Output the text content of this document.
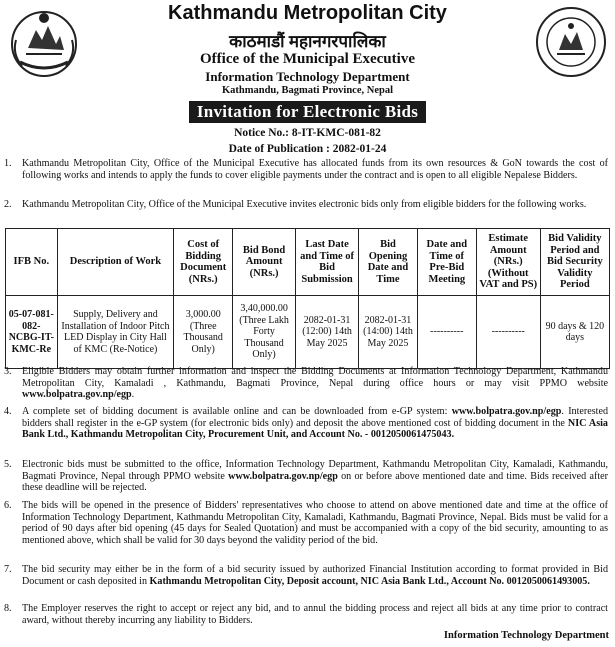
Kathmandu Metropolitan City
काठमाडौं महानगरपालिका
Office of the Municipal Executive
Information Technology Department
Kathmandu, Bagmati Province, Nepal
Invitation for Electronic Bids
Notice No.: 8-IT-KMC-081-82
Date of Publication : 2082-01-24
1. Kathmandu Metropolitan City, Office of the Municipal Executive has allocated funds from its own resources & GoN towards the cost of following works and intends to apply the funds to cover eligible payments under the contract and is open to all eligible Nepalese Bidders.
2. Kathmandu Metropolitan City, Office of the Municipal Executive invites electronic bids only from eligible bidders for the following works.
IFB No.	Description of Work	Cost of Bidding Document (NRs.)	Bid Bond Amount (NRs.)	Last Date and Time of Bid Submission	Bid Opening Date and Time	Date and Time of Pre-Bid Meeting	Estimate Amount (NRs.) (Without VAT and PS)	Bid Validity Period and Bid Security Validity Period
05-07-081-082-NCBG-IT-KMC-Re	Supply, Delivery and Installation of Indoor Pitch LED Display in City Hall of KMC (Re-Notice)	3,000.00 (Three Thousand Only)	3,40,000.00 (Three Lakh Forty Thousand Only)	2082-01-31 (12:00) 14th May 2025	2082-01-31 (14:00) 14th May 2025	----------	----------	90 days & 120 days
3. Eligible Bidders may obtain further information and inspect the Bidding Documents at Information Technology Department, Kathmandu Metropolitan City, Kamaladi , Kathmandu, Bagmati Province, Nepal during office hours or may visit PPMO website www.bolpatra.gov.np/egp.
4. A complete set of bidding document is available online and can be downloaded from e-GP system: www.bolpatra.gov.np/egp. Interested bidders shall register in the e-GP system (for electronic bids only) and deposit the above mentioned cost of bidding document in the NIC Asia Bank Ltd., Kathmandu Metropolitan City, Procurement Unit, and Account No. - 0012050061475043.
5. Electronic bids must be submitted to the office, Information Technology Department, Kathmandu Metropolitan City, Kamaladi, Kathmandu, Bagmati Province, Nepal through PPMO website www.bolpatra.gov.np/egp on or before above mentioned date and time. Bids received after these deadline will be rejected.
6. The bids will be opened in the presence of Bidders' representatives who choose to attend on above mentioned date and time at the office of Information Technology Department, Kathmandu Metropolitan City, Kamaladi, Kathmandu, Bagmati Province, Nepal. Bids must be valid for a period of 90 days after bid opening (45 days for Sealed Quotation) and must be accompanied with a copy of the bid security, amounting to as mentioned above, which shall be valid for 30 days beyond the validity period of the bid.
7. The bid security may either be in the form of a bid security issued by authorized Financial Institution according to format provided in Bid Document or cash deposited in Kathmandu Metropolitan City, Deposit account, NIC Asia Bank Ltd., Account No. 0012050061493005.
8. The Employer reserves the right to accept or reject any bid, and to annul the bidding process and reject all bids at any time prior to contract award, without thereby incurring any liability to Bidders.
Information Technology Department
